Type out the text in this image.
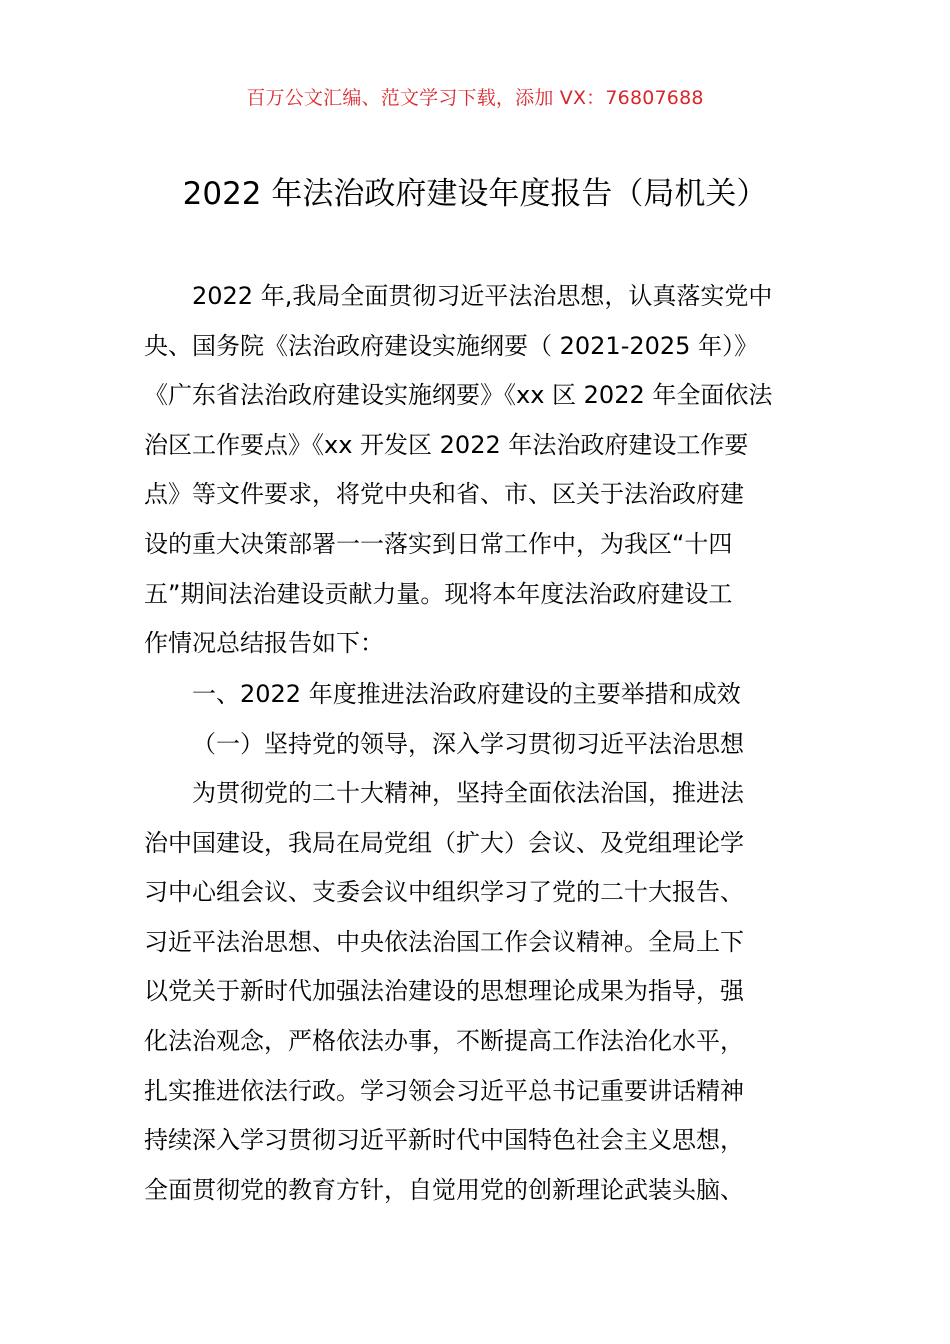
百万公文汇编、范文学习下载，添加 VX：76807688
2022 年法治政府建设年度报告（局机关）
2022 年,我局全面贯彻习近平法治思想，认真落实党中
央、国务院《法治政府建设实施纲要（ 2021-2025 年）》
《广东省法治政府建设实施纲要》《xx 区 2022 年全面依法
治区工作要点》《xx 开发区 2022 年法治政府建设工作要
点》等文件要求，将党中央和省、市、区关于法治政府建
设的重大决策部署一一落实到日常工作中，为我区“十四
五”期间法治建设贡献力量。现将本年度法治政府建设工
作情况总结报告如下：
一、2022 年度推进法治政府建设的主要举措和成效
（一）坚持党的领导，深入学习贯彻习近平法治思想
为贯彻党的二十大精神，坚持全面依法治国，推进法
治中国建设，我局在局党组（扩大）会议、及党组理论学
习中心组会议、支委会议中组织学习了党的二十大报告、
习近平法治思想、中央依法治国工作会议精神。全局上下
以党关于新时代加强法治建设的思想理论成果为指导，强
化法治观念，严格依法办事，不断提高工作法治化水平，
扎实推进依法行政。学习领会习近平总书记重要讲话精神
持续深入学习贯彻习近平新时代中国特色社会主义思想，
全面贯彻党的教育方针，自觉用党的创新理论武装头脑、
